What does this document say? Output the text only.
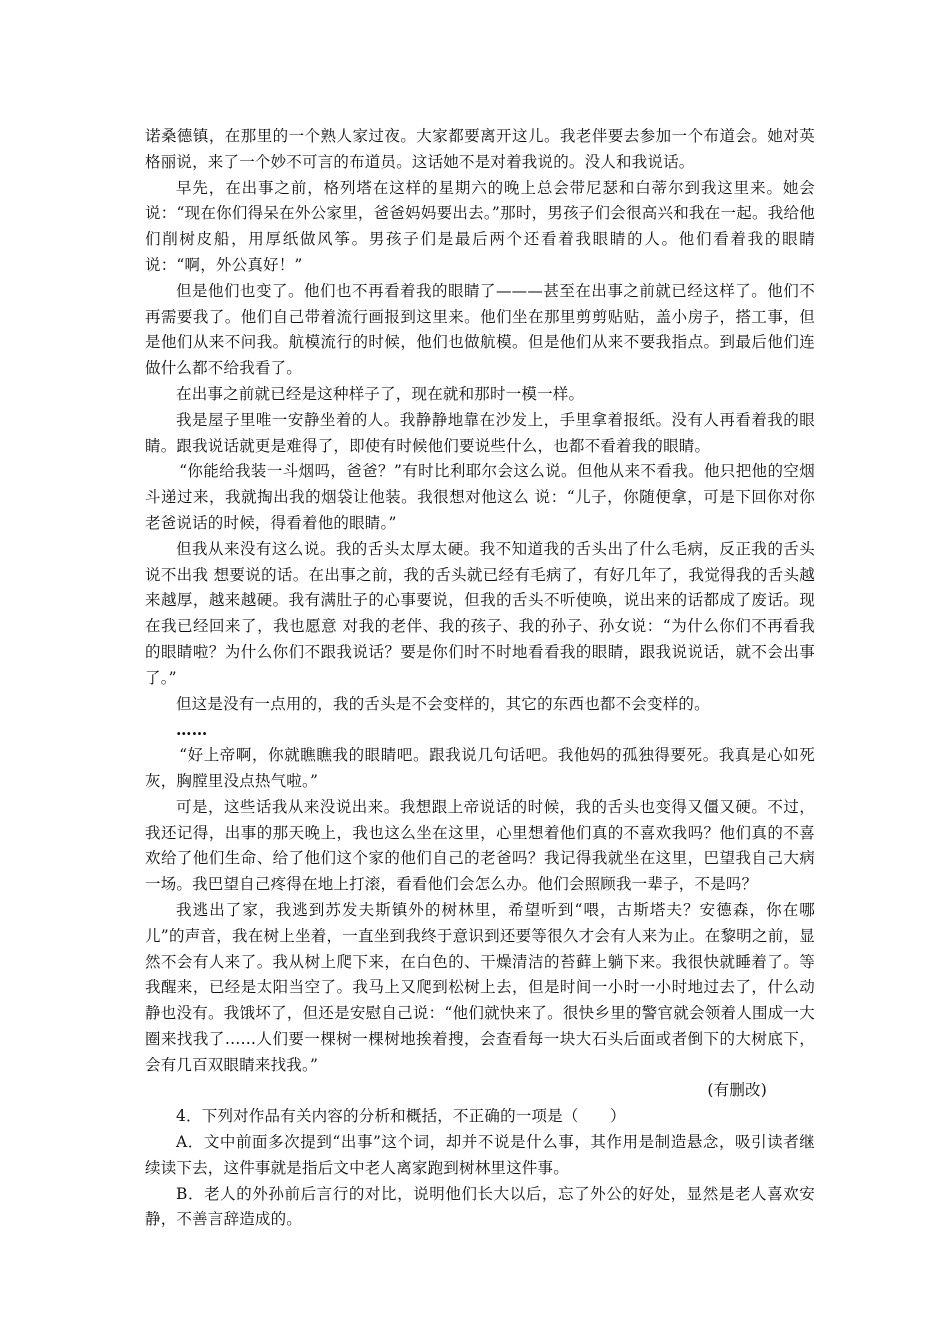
诺桑德镇，在那里的一个熟人家过夜。大家都要离开这儿。我老伴要去参加一个布道会。她对英格丽说，来了一个妙不可言的布道员。这话她不是对着我说的。没人和我说话。

早先，在出事之前，格列塔在这样的星期六的晚上总会带尼瑟和白蒂尔到我这里来。她会说：“现在你们得呆在外公家里，爸爸妈妈要出去。”那时，男孩子们会很高兴和我在一起。我给他们削树皮船，用厚纸做风筝。男孩子们是最后两个还看着我眼睛的人。他们看着我的眼睛说：“啊，外公真好！”

但是他们也变了。他们也不再看着我的眼睛了———甚至在出事之前就已经这样了。他们不再需要我了。他们自己带着流行画报到这里来。他们坐在那里剪剪贴贴，盖小房子，搭工事，但是他们从来不问我。航模流行的时候，他们也做航模。但是他们从来不要我指点。到最后他们连做什么都不给我看了。

在出事之前就已经是这种样子了，现在就和那时一模一样。

我是屋子里唯一安静坐着的人。我静静地靠在沙发上，手里拿着报纸。没有人再看着我的眼睛。跟我说话就更是难得了，即使有时候他们要说些什么，也都不看着我的眼睛。

“你能给我装一斗烟吗，爸爸？”有时比利耶尔会这么说。但他从来不看我。他只把他的空烟斗递过来，我就掏出我的烟袋让他装。我很想对他这么 说：“儿子，你随便拿，可是下回你对你老爸说话的时候，得看着他的眼睛。”

但我从来没有这么说。我的舌头太厚太硬。我不知道我的舌头出了什么毛病，反正我的舌头说不出我 想要说的话。在出事之前，我的舌头就已经有毛病了，有好几年了，我觉得我的舌头越来越厚，越来越硬。我有满肚子的心事要说，但我的舌头不听使唤，说出来的话都成了废话。现在我已经回来了，我也愿意 对我的老伴、我的孩子、我的孙子、孙女说：“为什么你们不再看我的眼睛啦？为什么你们不跟我说话？要是你们时不时地看看我的眼睛，跟我说说话，就不会出事了。”

但这是没有一点用的，我的舌头是不会变样的，其它的东西也都不会变样的。

……

“好上帝啊，你就瞧瞧我的眼睛吧。跟我说几句话吧。我他妈的孤独得要死。我真是心如死灰，胸膛里没点热气啦。”

可是，这些话我从来没说出来。我想跟上帝说话的时候，我的舌头也变得又僵又硬。不过，我还记得，出事的那天晚上，我也这么坐在这里，心里想着他们真的不喜欢我吗？他们真的不喜欢给了他们生命、给了他们这个家的他们自己的老爸吗？我记得我就坐在这里，巴望我自己大病一场。我巴望自己疼得在地上打滚，看看他们会怎么办。他们会照顾我一辈子，不是吗？

我逃出了家，我逃到苏发夫斯镇外的树林里，希望听到“喂，古斯塔夫？安德森，你在哪儿”的声音，我在树上坐着，一直坐到我终于意识到还要等很久才会有人来为止。在黎明之前，显然不会有人来了。我从树上爬下来，在白色的、干燥清洁的苔藓上躺下来。我很快就睡着了。等我醒来，已经是太阳当空了。我马上又爬到松树上去，但是时间一小时一小时地过去了，什么动静也没有。我饿坏了，但还是安慰自己说：“他们就快来了。很快乡里的警官就会领着人围成一大圈来找我了……人们要一棵树一棵树地挨着搜，会查看每一块大石头后面或者倒下的大树底下，会有几百双眼睛来找我。”

(有删改)

4．下列对作品有关内容的分析和概括，不正确的一项是（　　）

A．文中前面多次提到“出事”这个词，却并不说是什么事，其作用是制造悬念，吸引读者继续读下去，这件事就是指后文中老人离家跑到树林里这件事。

B．老人的外孙前后言行的对比，说明他们长大以后，忘了外公的好处，显然是老人喜欢安静，不善言辞造成的。
